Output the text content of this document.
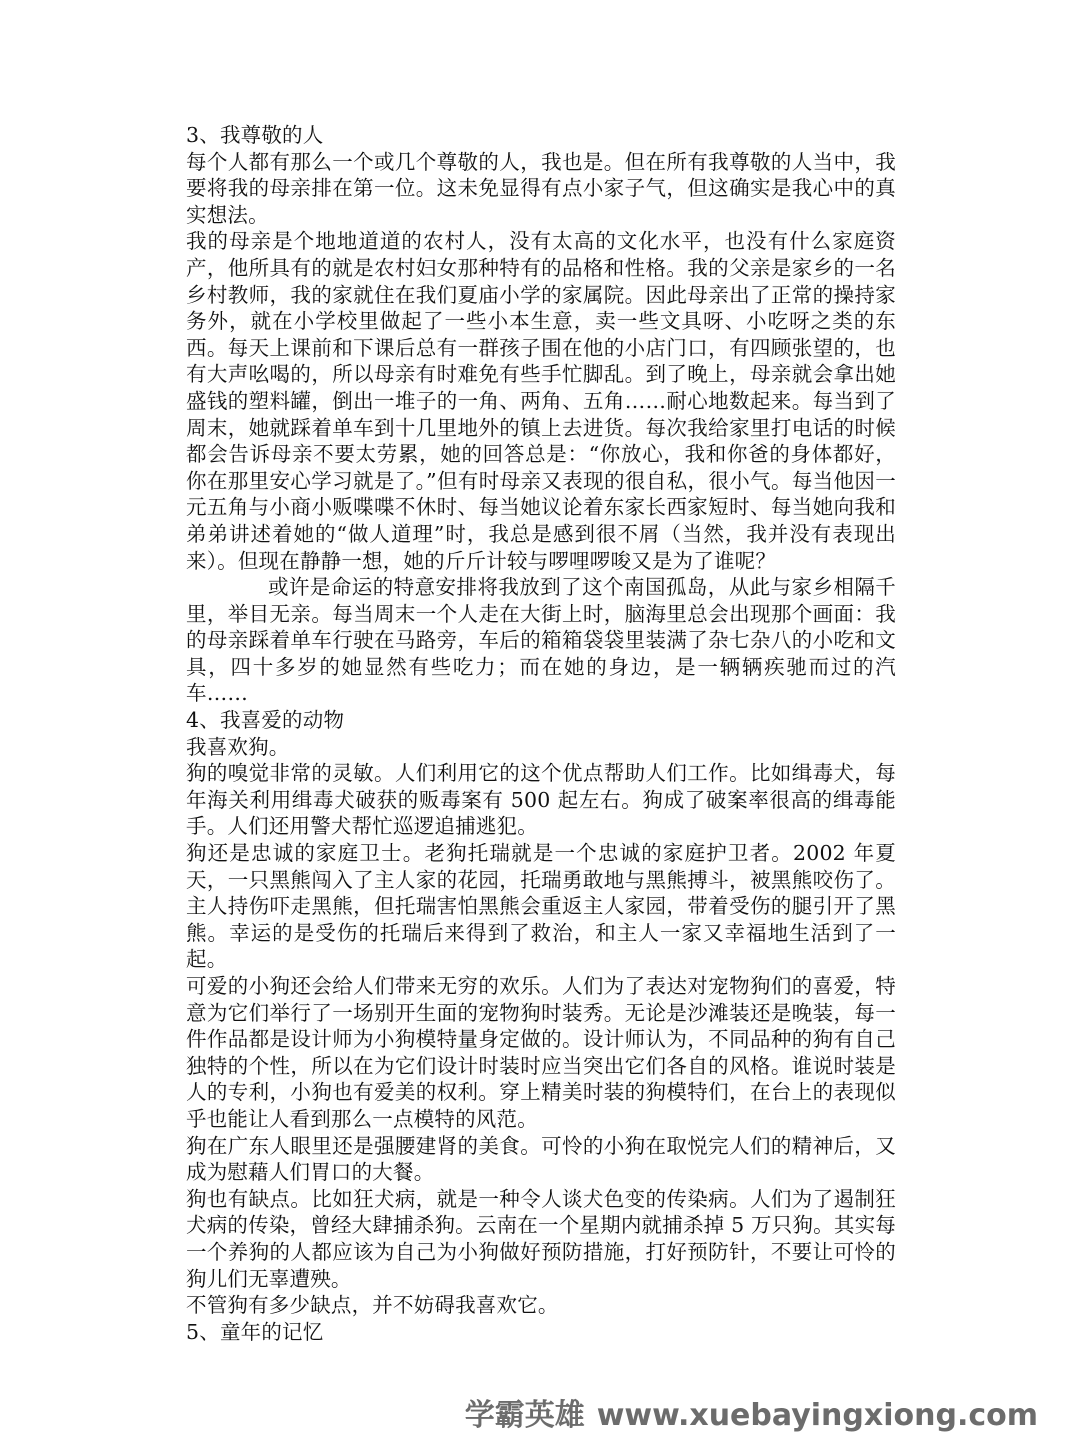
3、我尊敬的人

每个人都有那么一个或几个尊敬的人，我也是。但在所有我尊敬的人当中，我要将我的母亲排在第一位。这未免显得有点小家子气，但这确实是我心中的真实想法。

我的母亲是个地地道道的农村人，没有太高的文化水平，也没有什么家庭资产，他所具有的就是农村妇女那种特有的品格和性格。我的父亲是家乡的一名乡村教师，我的家就住在我们夏庙小学的家属院。因此母亲出了正常的操持家务外，就在小学校里做起了一些小本生意，卖一些文具呀、小吃呀之类的东西。每天上课前和下课后总有一群孩子围在他的小店门口，有四顾张望的，也有大声吆喝的，所以母亲有时难免有些手忙脚乱。到了晚上，母亲就会拿出她盛钱的塑料罐，倒出一堆子的一角、两角、五角……耐心地数起来。每当到了周末，她就踩着单车到十几里地外的镇上去进货。每次我给家里打电话的时候都会告诉母亲不要太劳累，她的回答总是：“你放心，我和你爸的身体都好，你在那里安心学习就是了。”但有时母亲又表现的很自私，很小气。每当他因一元五角与小商小贩喋喋不休时、每当她议论着东家长西家短时、每当她向我和弟弟讲述着她的“做人道理”时，我总是感到很不屑（当然，我并没有表现出来）。但现在静静一想，她的斤斤计较与啰哩啰唆又是为了谁呢？

或许是命运的特意安排将我放到了这个南国孤岛，从此与家乡相隔千里，举目无亲。每当周末一个人走在大街上时，脑海里总会出现那个画面：我的母亲踩着单车行驶在马路旁，车后的箱箱袋袋里装满了杂七杂八的小吃和文具，四十多岁的她显然有些吃力；而在她的身边，是一辆辆疾驰而过的汽车……

4、我喜爱的动物

我喜欢狗。

狗的嗅觉非常的灵敏。人们利用它的这个优点帮助人们工作。比如缉毒犬，每年海关利用缉毒犬破获的贩毒案有 500 起左右。狗成了破案率很高的缉毒能手。人们还用警犬帮忙巡逻追捕逃犯。

狗还是忠诚的家庭卫士。老狗托瑞就是一个忠诚的家庭护卫者。2002 年夏天，一只黑熊闯入了主人家的花园，托瑞勇敢地与黑熊搏斗，被黑熊咬伤了。主人持伤吓走黑熊，但托瑞害怕黑熊会重返主人家园，带着受伤的腿引开了黑熊。幸运的是受伤的托瑞后来得到了救治，和主人一家又幸福地生活到了一起。

可爱的小狗还会给人们带来无穷的欢乐。人们为了表达对宠物狗们的喜爱，特意为它们举行了一场别开生面的宠物狗时装秀。无论是沙滩装还是晚装，每一件作品都是设计师为小狗模特量身定做的。设计师认为，不同品种的狗有自己独特的个性，所以在为它们设计时装时应当突出它们各自的风格。谁说时装是人的专利，小狗也有爱美的权利。穿上精美时装的狗模特们，在台上的表现似乎也能让人看到那么一点模特的风范。

狗在广东人眼里还是强腰建肾的美食。可怜的小狗在取悦完人们的精神后，又成为慰藉人们胃口的大餐。

狗也有缺点。比如狂犬病，就是一种令人谈犬色变的传染病。人们为了遏制狂犬病的传染，曾经大肆捕杀狗。云南在一个星期内就捕杀掉 5 万只狗。其实每一个养狗的人都应该为自己为小狗做好预防措施，打好预防针，不要让可怜的狗儿们无辜遭殃。

不管狗有多少缺点，并不妨碍我喜欢它。

5、童年的记忆

学霸英雄 www.xuebayingxiong.com
